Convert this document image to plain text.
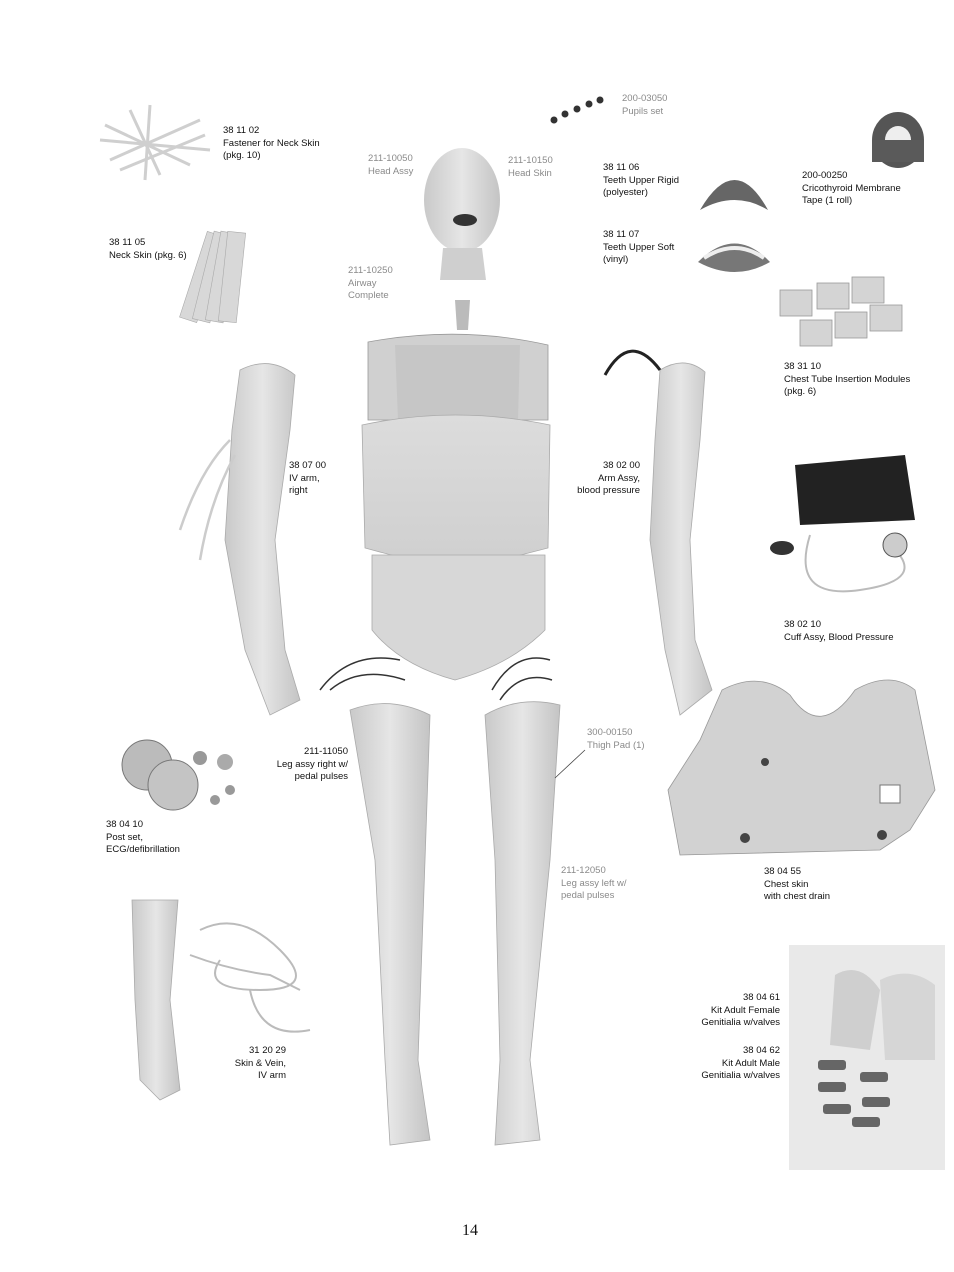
38 11 02
Fastener for Neck Skin
(pkg. 10)
38 11 05
Neck Skin (pkg. 6)
211-10050
Head Assy
211-10150
Head Skin
211-10250
Airway
Complete
200-03050
Pupils set
38 11 06
Teeth Upper Rigid
(polyester)
200-00250
Cricothyroid Membrane
Tape (1 roll)
38 11 07
Teeth Upper Soft
(vinyl)
38 31 10
Chest Tube Insertion Modules
(pkg. 6)
38 07 00
IV arm,
right
38 02 00
Arm Assy,
blood pressure
38 02 10
Cuff Assy, Blood Pressure
211-11050
Leg assy right w/
pedal pulses
300-00150
Thigh Pad (1)
38 04 10
Post set,
ECG/defibrillation
38 04 55
Chest skin
with chest drain
211-12050
Leg assy left w/
pedal pulses
38 04 61
Kit Adult Female
Genitialia w/valves
38 04 62
Kit Adult Male
Genitialia w/valves
31 20 29
Skin & Vein,
IV arm
14
